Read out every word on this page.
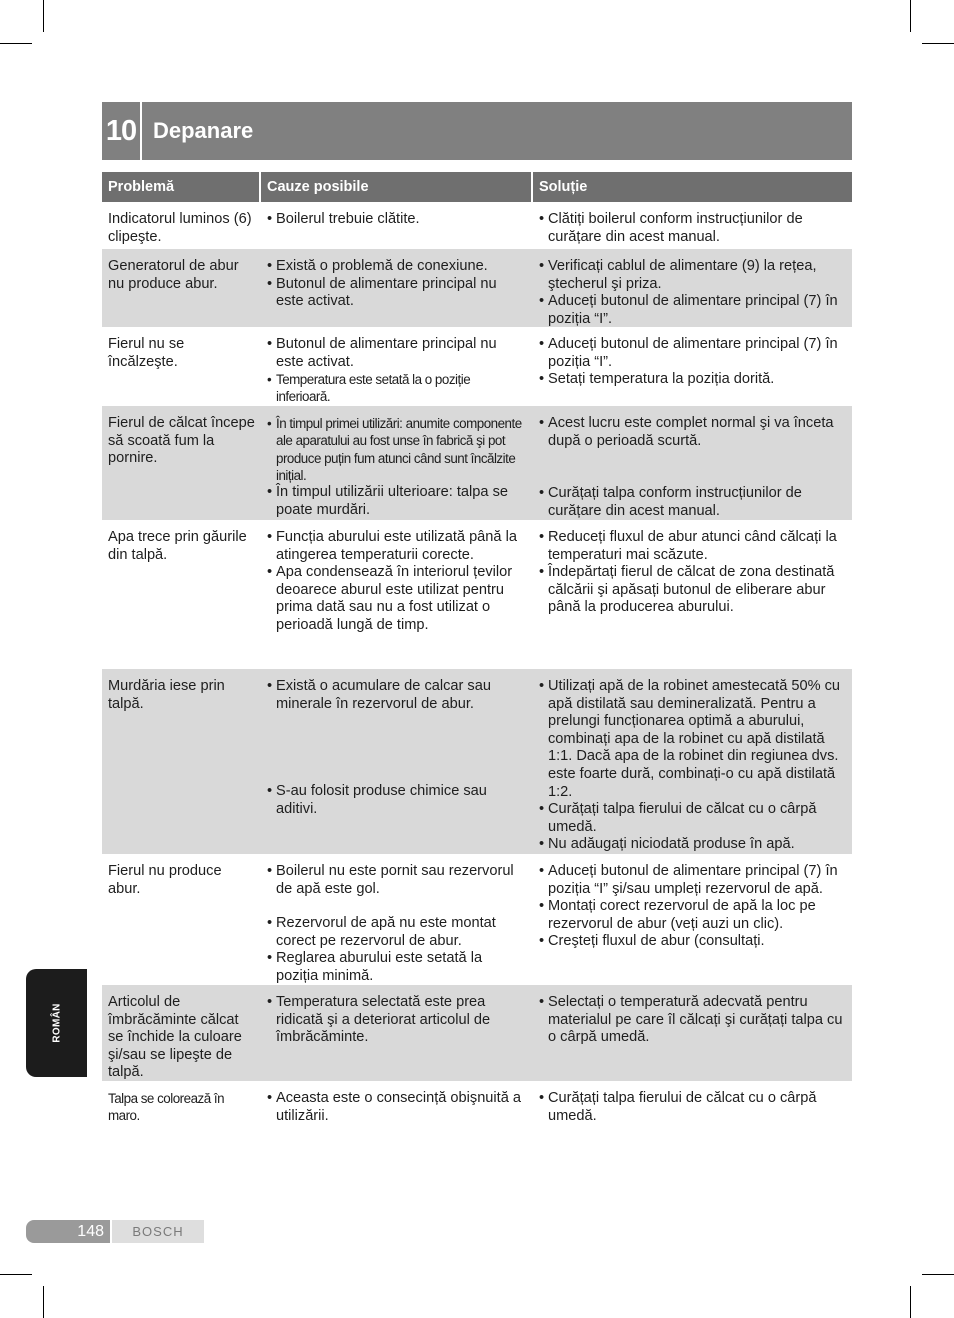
10 Depanare
Problemă	Cauze posibile	Soluție
Indicatorul luminos (6) clipeşte.
• Boilerul trebuie clătite.
•	Clătiți boilerul conform instrucțiunilor de curățare din acest manual.
Generatorul de abur nu produce abur.
• Există o problemă de conexiune.
• Butonul de alimentare principal nu este activat.
• Verificați cablul de alimentare (9) la rețea, ştecherul şi priza.
• Aduceți butonul de alimentare principal (7) în poziția “I”.
Fierul nu se încălzeşte.
• Butonul de alimentare principal nu este activat.
• Temperatura este setată la o poziție inferioară.
• Aduceți butonul de alimentare principal (7) în poziția “I”.
• Setați temperatura la poziția dorită.
Fierul de călcat începe să scoată fum la pornire.
• În timpul primei utilizări: anumite componente ale aparatului au fost unse în fabrică şi pot produce puțin fum atunci când sunt încălzite inițial.
• În timpul utilizării ulterioare: talpa se poate murdări.
• Acest lucru este complet normal şi va înceta după o perioadă scurtă.
• Curățați talpa conform instrucțiunilor de curățare din acest manual.
Apa trece prin găurile din talpă.
• Funcția aburului este utilizată până la atingerea temperaturii corecte.
• Apa condensează în interiorul țevilor deoarece aburul este utilizat pentru prima dată sau nu a fost utilizat o perioadă lungă de timp.
• Reduceți fluxul de abur atunci când călcați la temperaturi mai scăzute.
• Îndepărtați fierul de călcat de zona destinată călcării şi apăsați butonul de eliberare abur până la producerea aburului.
Murdăria iese prin talpă.
• Există o acumulare de calcar sau minerale în rezervorul de abur.
• S-au folosit produse chimice sau aditivi.
• Utilizați apă de la robinet amestecată 50% cu apă distilată sau demineralizată. Pentru a prelungi funcționarea optimă a aburului, combinați apa de la robinet cu apă distilată 1:1. Dacă apa de la robinet din regiunea dvs. este foarte dură, combinați-o cu apă distilată 1:2.
• Curățați talpa fierului de călcat cu o cârpă umedă.
• Nu adăugați niciodată produse în apă.
Fierul nu produce abur.
• Boilerul nu este pornit sau rezervorul de apă este gol.
• Rezervorul de apă nu este montat corect pe rezervorul de abur.
• Reglarea aburului este setată la poziția minimă.
• Aduceți butonul de alimentare principal (7) în poziția “I” şi/sau umpleți rezervorul de apă.
• Montați corect rezervorul de apă la loc pe rezervorul de abur (veți auzi un clic).
• Creşteți fluxul de abur (consultați.
Articolul de îmbrăcăminte călcat se închide la culoare şi/sau se lipeşte de talpă.
• Temperatura selectată este prea ridicată şi a deteriorat articolul de îmbrăcăminte.
• Selectați o temperatură adecvată pentru materialul pe care îl călcați şi curățați talpa cu o cârpă umedă.
Talpa se colorează în maro.
• Aceasta este o consecință obişnuită a utilizării.
• Curățați talpa fierului de călcat cu o cârpă umedă.
ROMÂN
148	BOSCH
